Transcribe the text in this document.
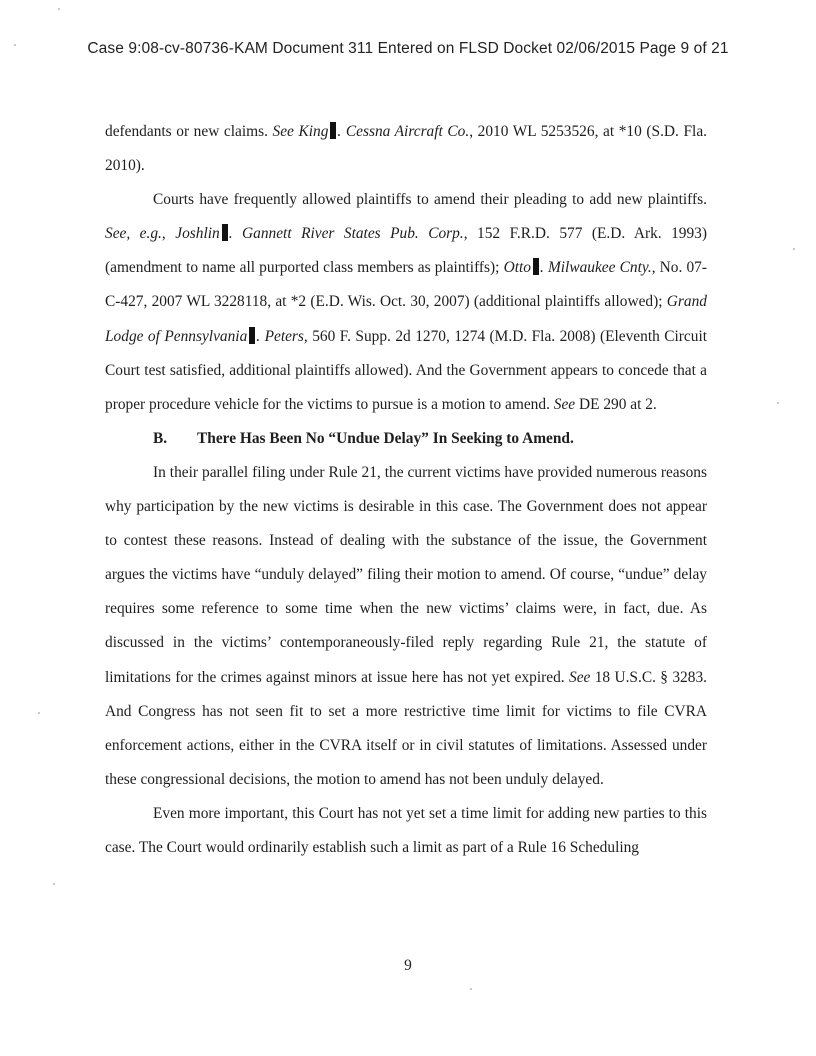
Case 9:08-cv-80736-KAM Document 311 Entered on FLSD Docket 02/06/2015 Page 9 of 21

defendants or new claims. See King . Cessna Aircraft Co., 2010 WL 5253526, at *10 (S.D. Fla. 2010).

Courts have frequently allowed plaintiffs to amend their pleading to add new plaintiffs. See, e.g., Joshlin . Gannett River States Pub. Corp., 152 F.R.D. 577 (E.D. Ark. 1993) (amendment to name all purported class members as plaintiffs); Otto . Milwaukee Cnty., No. 07-C-427, 2007 WL 3228118, at *2 (E.D. Wis. Oct. 30, 2007) (additional plaintiffs allowed); Grand Lodge of Pennsylvania . Peters, 560 F. Supp. 2d 1270, 1274 (M.D. Fla. 2008) (Eleventh Circuit Court test satisfied, additional plaintiffs allowed). And the Government appears to concede that a proper procedure vehicle for the victims to pursue is a motion to amend. See DE 290 at 2.

B. There Has Been No “Undue Delay” In Seeking to Amend.

In their parallel filing under Rule 21, the current victims have provided numerous reasons why participation by the new victims is desirable in this case. The Government does not appear to contest these reasons. Instead of dealing with the substance of the issue, the Government argues the victims have “unduly delayed” filing their motion to amend. Of course, “undue” delay requires some reference to some time when the new victims’ claims were, in fact, due. As discussed in the victims’ contemporaneously-filed reply regarding Rule 21, the statute of limitations for the crimes against minors at issue here has not yet expired. See 18 U.S.C. § 3283. And Congress has not seen fit to set a more restrictive time limit for victims to file CVRA enforcement actions, either in the CVRA itself or in civil statutes of limitations. Assessed under these congressional decisions, the motion to amend has not been unduly delayed.

Even more important, this Court has not yet set a time limit for adding new parties to this case. The Court would ordinarily establish such a limit as part of a Rule 16 Scheduling

9
